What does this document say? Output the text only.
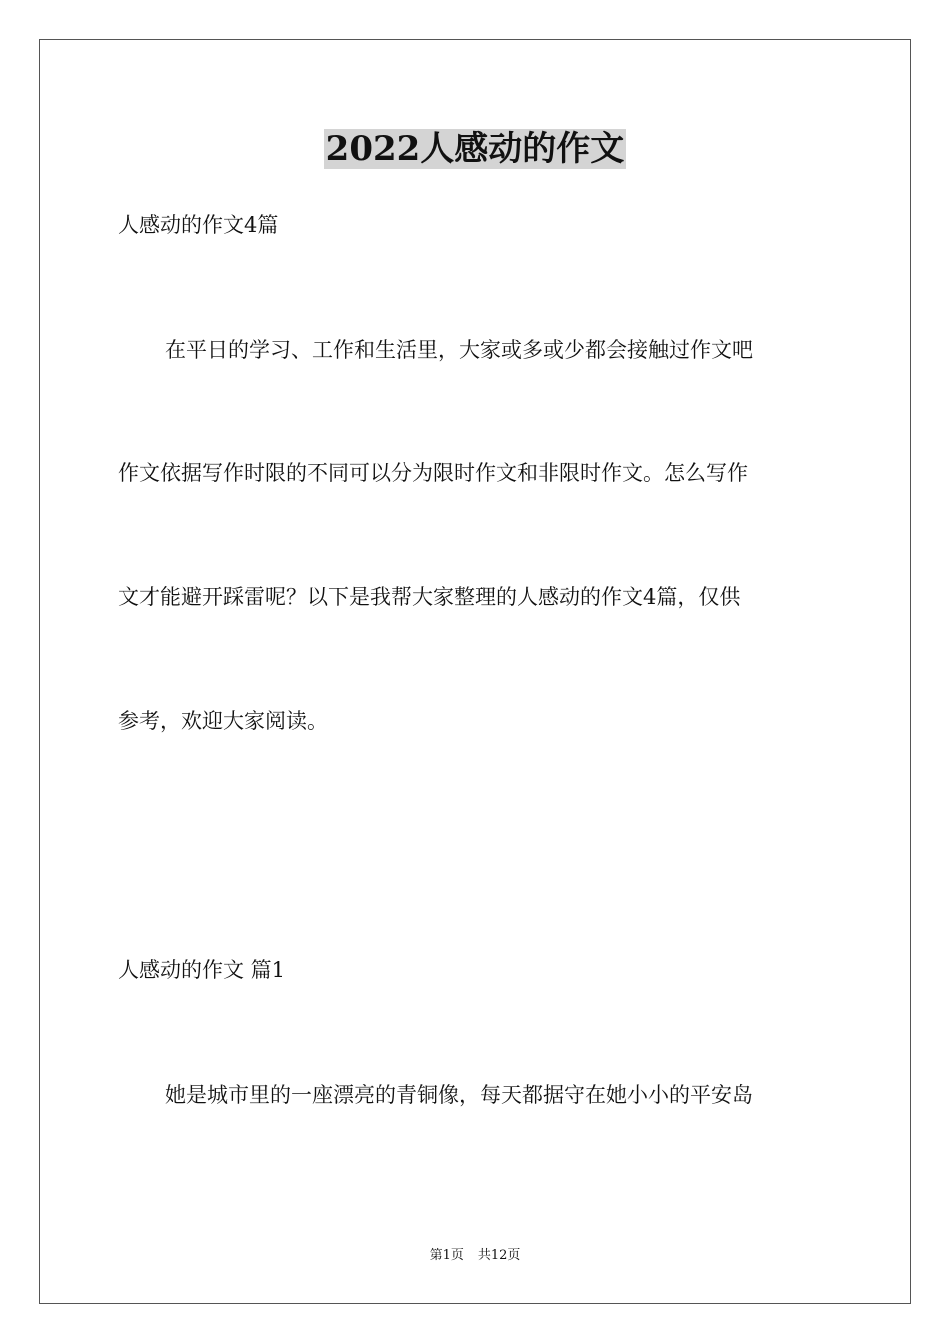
2022人感动的作文
人感动的作文4篇
在平日的学习、工作和生活里，大家或多或少都会接触过作文吧
作文依据写作时限的不同可以分为限时作文和非限时作文。怎么写作
文才能避开踩雷呢？以下是我帮大家整理的人感动的作文4篇，仅供
参考，欢迎大家阅读。
人感动的作文 篇1
她是城市里的一座漂亮的青铜像，每天都据守在她小小的平安岛
第1页 共12页
